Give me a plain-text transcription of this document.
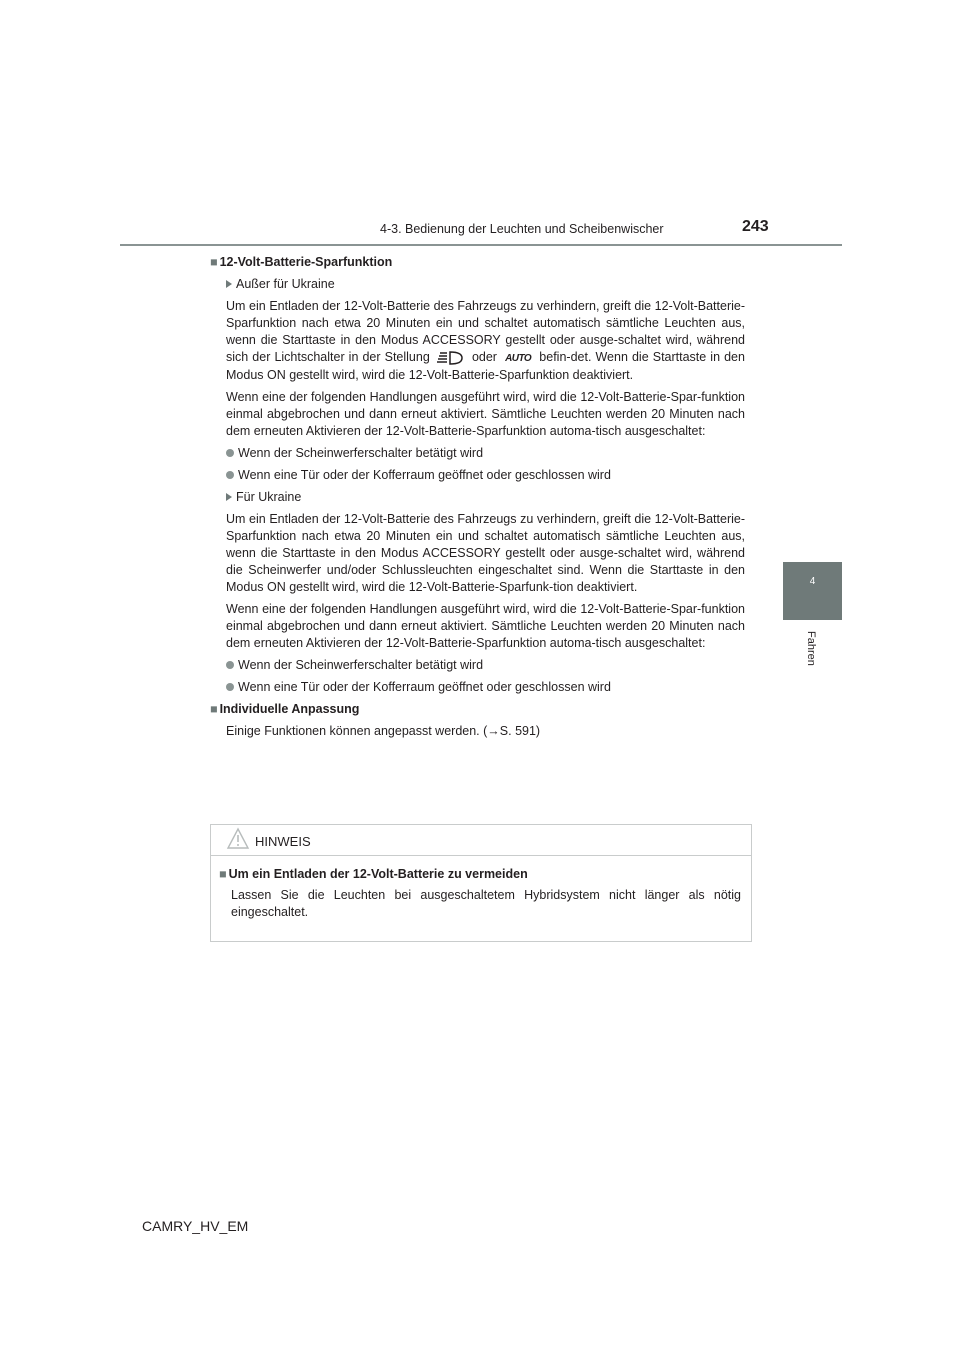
4-3. Bedienung der Leuchten und Scheibenwischer	243
4
Fahren

■ 12-Volt-Batterie-Sparfunktion

Außer für Ukraine

Um ein Entladen der 12-Volt-Batterie des Fahrzeugs zu verhindern, greift die 12-Volt-Batterie-Sparfunktion nach etwa 20 Minuten ein und schaltet automatisch sämtliche Leuchten aus, wenn die Starttaste in den Modus ACCESSORY gestellt oder ausge-schaltet wird, während sich der Lichtschalter in der Stellung	oder AUTO befin-det. Wenn die Starttaste in den Modus ON gestellt wird, wird die 12-Volt-Batterie-Sparfunktion deaktiviert.

Wenn eine der folgenden Handlungen ausgeführt wird, wird die 12-Volt-Batterie-Spar-funktion einmal abgebrochen und dann erneut aktiviert. Sämtliche Leuchten werden 20 Minuten nach dem erneuten Aktivieren der 12-Volt-Batterie-Sparfunktion automa-tisch ausgeschaltet:

Wenn der Scheinwerferschalter betätigt wird

Wenn eine Tür oder der Kofferraum geöffnet oder geschlossen wird

Für Ukraine

Um ein Entladen der 12-Volt-Batterie des Fahrzeugs zu verhindern, greift die 12-Volt-Batterie-Sparfunktion nach etwa 20 Minuten ein und schaltet automatisch sämtliche Leuchten aus, wenn die Starttaste in den Modus ACCESSORY gestellt oder ausge-schaltet wird, während die Scheinwerfer und/oder Schlussleuchten eingeschaltet sind. Wenn die Starttaste in den Modus ON gestellt wird, wird die 12-Volt-Batterie-Sparfunk-tion deaktiviert.

Wenn eine der folgenden Handlungen ausgeführt wird, wird die 12-Volt-Batterie-Spar-funktion einmal abgebrochen und dann erneut aktiviert. Sämtliche Leuchten werden 20 Minuten nach dem erneuten Aktivieren der 12-Volt-Batterie-Sparfunktion automa-tisch ausgeschaltet:

Wenn der Scheinwerferschalter betätigt wird

Wenn eine Tür oder der Kofferraum geöffnet oder geschlossen wird

■ Individuelle Anpassung

Einige Funktionen können angepasst werden. (→S. 591)

HINWEIS

■ Um ein Entladen der 12-Volt-Batterie zu vermeiden

Lassen Sie die Leuchten bei ausgeschaltetem Hybridsystem nicht länger als nötig eingeschaltet.

CAMRY_HV_EM
